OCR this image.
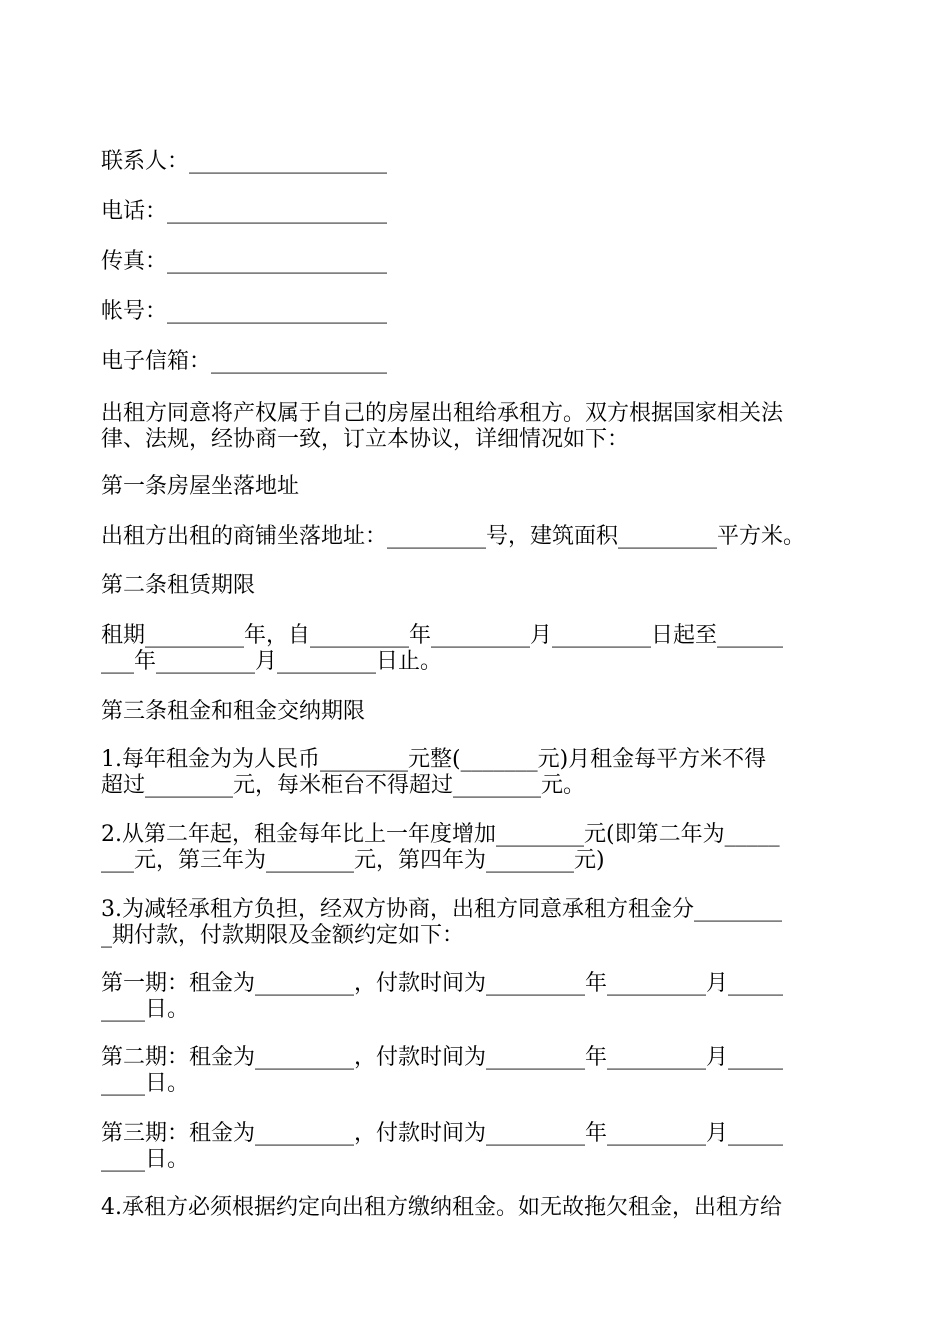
联系人：__________________

电话：____________________

传真：____________________

帐号：____________________

电子信箱：________________

出租方同意将产权属于自己的房屋出租给承租方。双方根据国家相关法

律、法规，经协商一致，订立本协议，详细情况如下：

第一条房屋坐落地址

出租方出租的商铺坐落地址：_________号，建筑面积_________平方米。

第二条租赁期限

租期_________年，自_________年_________月_________日起至______

___年_________月_________日止。

第三条租金和租金交纳期限

1.每年租金为为人民币________元整(_______元)月租金每平方米不得

超过________元，每米柜台不得超过________元。

2.从第二年起，租金每年比上一年度增加________元(即第二年为_____

___元，第三年为________元，第四年为________元)

3.为减轻承租方负担，经双方协商，出租方同意承租方租金分________

_期付款，付款期限及金额约定如下：

第一期：租金为_________，付款时间为_________年_________月_____

____日。

第二期：租金为_________，付款时间为_________年_________月_____

____日。

第三期：租金为_________，付款时间为_________年_________月_____

____日。

4.承租方必须根据约定向出租方缴纳租金。如无故拖欠租金，出租方给
